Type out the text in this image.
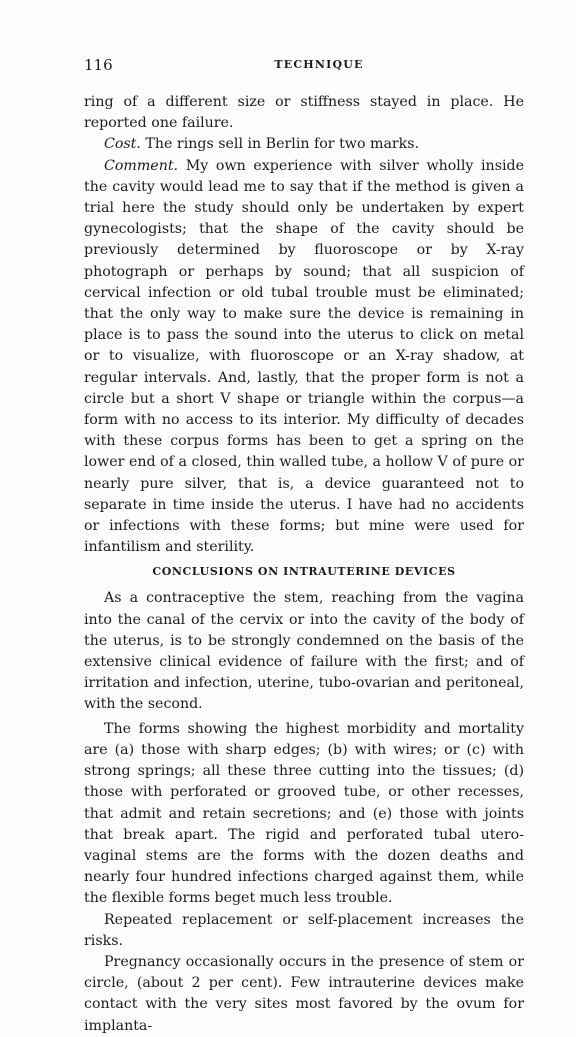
116	TECHNIQUE

ring of a different size or stiffness stayed in place. He reported one failure.

Cost. The rings sell in Berlin for two marks.

Comment. My own experience with silver wholly inside the cavity would lead me to say that if the method is given a trial here the study should only be undertaken by expert gynecologists; that the shape of the cavity should be previously determined by fluoroscope or by X-ray photograph or perhaps by sound; that all suspicion of cervical infection or old tubal trouble must be eliminated; that the only way to make sure the device is remaining in place is to pass the sound into the uterus to click on metal or to visualize, with fluoroscope or an X-ray shadow, at regular intervals. And, lastly, that the proper form is not a circle but a short V shape or triangle within the corpus—a form with no access to its interior. My difficulty of decades with these corpus forms has been to get a spring on the lower end of a closed, thin walled tube, a hollow V of pure or nearly pure silver, that is, a device guaranteed not to separate in time inside the uterus. I have had no accidents or infections with these forms; but mine were used for infantilism and sterility.

CONCLUSIONS ON INTRAUTERINE DEVICES

As a contraceptive the stem, reaching from the vagina into the canal of the cervix or into the cavity of the body of the uterus, is to be strongly condemned on the basis of the extensive clinical evidence of failure with the first; and of irritation and infection, uterine, tubo-ovarian and peritoneal, with the second.

The forms showing the highest morbidity and mortality are (a) those with sharp edges; (b) with wires; or (c) with strong springs; all these three cutting into the tissues; (d) those with perforated or grooved tube, or other recesses, that admit and retain secretions; and (e) those with joints that break apart. The rigid and perforated tubal utero-vaginal stems are the forms with the dozen deaths and nearly four hundred infections charged against them, while the flexible forms beget much less trouble.

Repeated replacement or self-placement increases the risks.

Pregnancy occasionally occurs in the presence of stem or circle, (about 2 per cent). Few intrauterine devices make contact with the very sites most favored by the ovum for implanta-
